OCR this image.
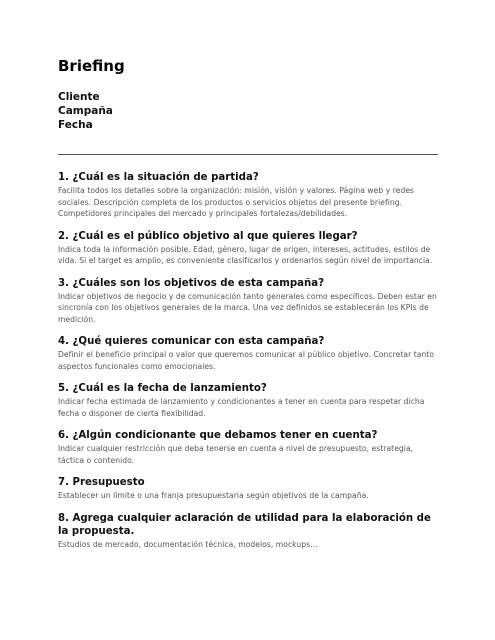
Briefing
Cliente
Campaña
Fecha
1. ¿Cuál es la situación de partida?

Facilita todos los detalles sobre la organización: misión, visión y valores. Página web y redes sociales. Descripción completa de los productos o servicios objetos del presente briefing. Competidores principales del mercado y principales fortalezas/debilidades.

2. ¿Cuál es el público objetivo al que quieres llegar?

Indica toda la información posible. Edad, género, lugar de origen, intereses, actitudes, estilos de vida. Si el target es amplio, es conveniente clasificarlos y ordenarlos según nivel de importancia.

3. ¿Cuáles son los objetivos de esta campaña?

Indicar objetivos de negocio y de comunicación tanto generales como específicos. Deben estar en sincronía con los objetivos generales de la marca. Una vez definidos se establecerán los KPIs de medición.

4. ¿Qué quieres comunicar con esta campaña?

Definir el beneficio principal o valor que queremos comunicar al público objetivo. Concretar tanto aspectos funcionales como emocionales.

5. ¿Cuál es la fecha de lanzamiento?

Indicar fecha estimada de lanzamiento y condicionantes a tener en cuenta para respetar dicha fecha o disponer de cierta flexibilidad.

6. ¿Algún condicionante que debamos tener en cuenta?

Indicar cualquier restricción que deba tenerse en cuenta a nivel de presupuesto, estrategia, táctica o contenido.

7. Presupuesto

Establecer un límite o una franja presupuestaria según objetivos de la campaña.

8. Agrega cualquier aclaración de utilidad para la elaboración de la propuesta.

Estudios de mercado, documentación técnica, modelos, mockups…
